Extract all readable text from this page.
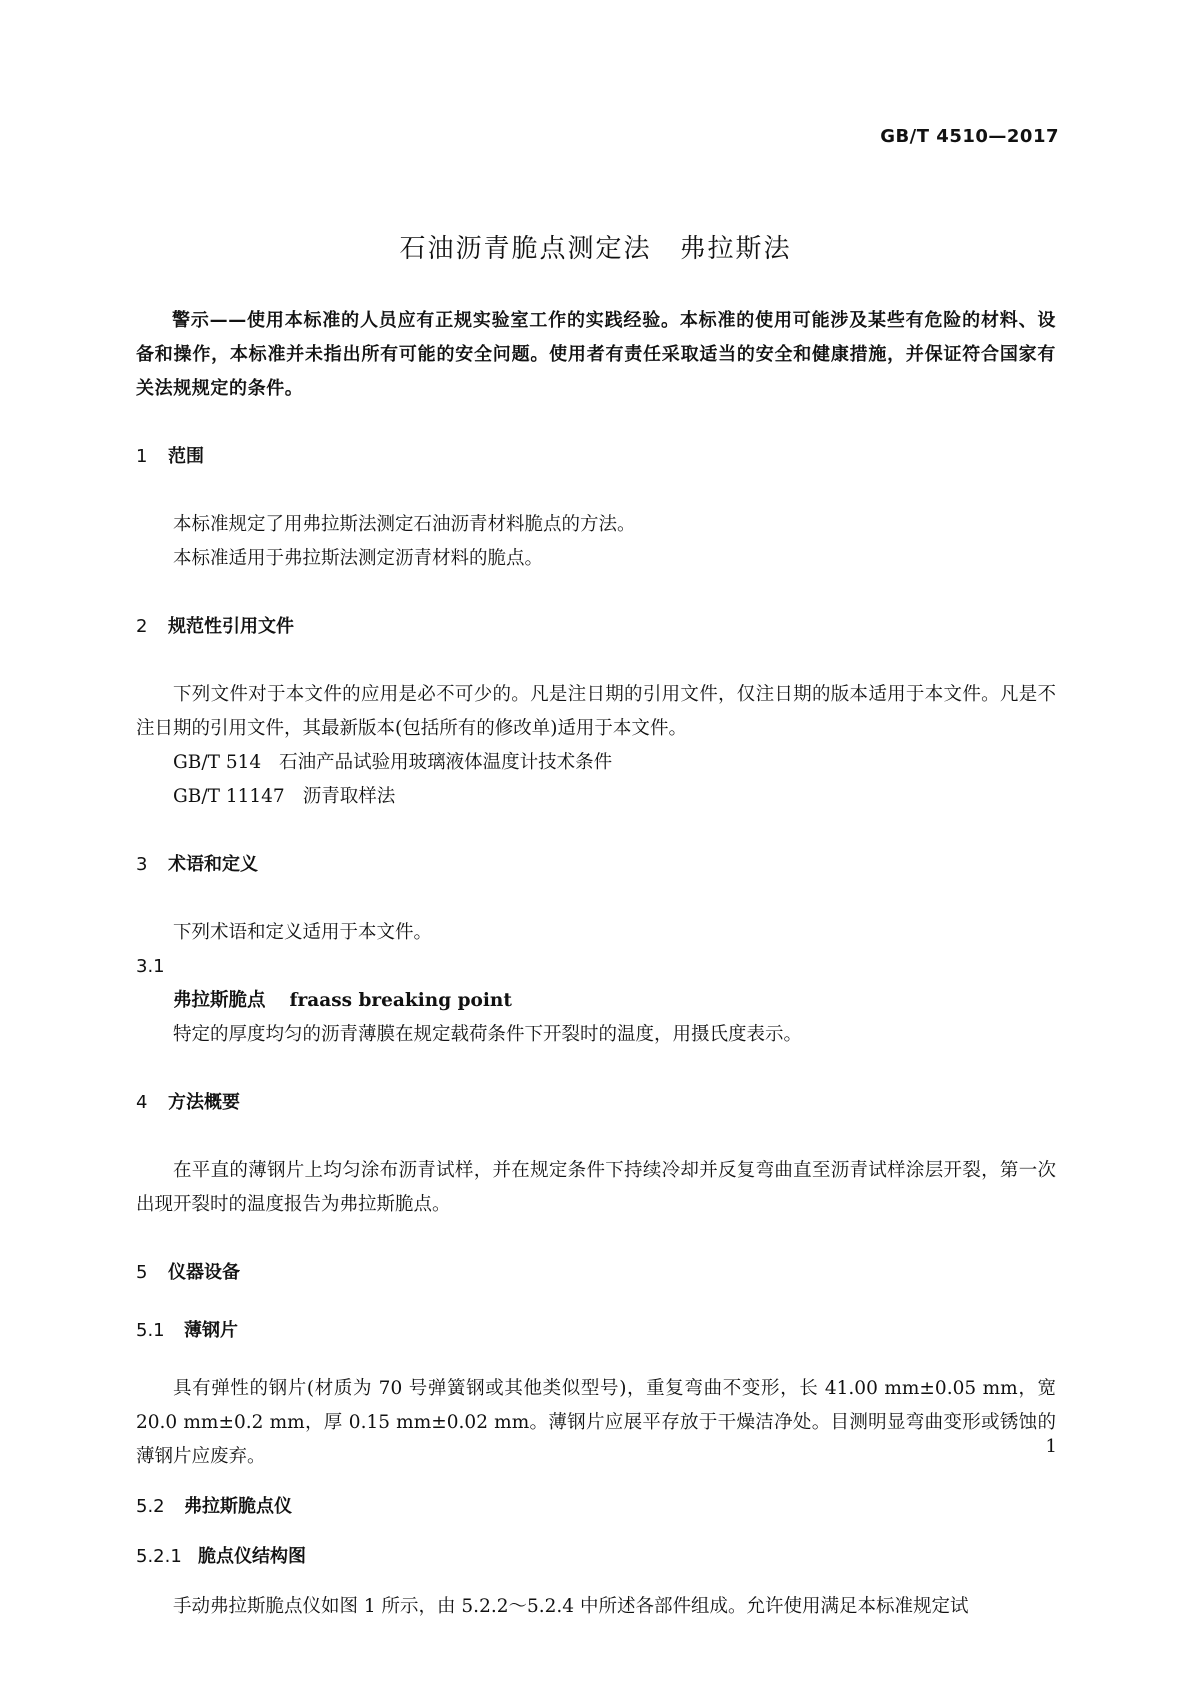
GB/T 4510—2017
石油沥青脆点测定法　弗拉斯法

警示——使用本标准的人员应有正规实验室工作的实践经验。本标准的使用可能涉及某些有危险的材料、设备和操作，本标准并未指出所有可能的安全问题。使用者有责任采取适当的安全和健康措施，并保证符合国家有关法规规定的条件。

1 范围

本标准规定了用弗拉斯法测定石油沥青材料脆点的方法。

本标准适用于弗拉斯法测定沥青材料的脆点。

2 规范性引用文件

下列文件对于本文件的应用是必不可少的。凡是注日期的引用文件，仅注日期的版本适用于本文件。凡是不注日期的引用文件，其最新版本(包括所有的修改单)适用于本文件。

GB/T 514 石油产品试验用玻璃液体温度计技术条件

GB/T 11147 沥青取样法

3 术语和定义

下列术语和定义适用于本文件。

3.1

弗拉斯脆点 fraass breaking point

特定的厚度均匀的沥青薄膜在规定载荷条件下开裂时的温度，用摄氏度表示。

4 方法概要

在平直的薄钢片上均匀涂布沥青试样，并在规定条件下持续冷却并反复弯曲直至沥青试样涂层开裂，第一次出现开裂时的温度报告为弗拉斯脆点。

5 仪器设备

5.1 薄钢片

具有弹性的钢片(材质为 70 号弹簧钢或其他类似型号)，重复弯曲不变形，长 41.00 mm±0.05 mm，宽 20.0 mm±0.2 mm，厚 0.15 mm±0.02 mm。薄钢片应展平存放于干燥洁净处。目测明显弯曲变形或锈蚀的薄钢片应废弃。

5.2 弗拉斯脆点仪

5.2.1 脆点仪结构图

手动弗拉斯脆点仪如图 1 所示，由 5.2.2～5.2.4 中所述各部件组成。允许使用满足本标准规定试

1
